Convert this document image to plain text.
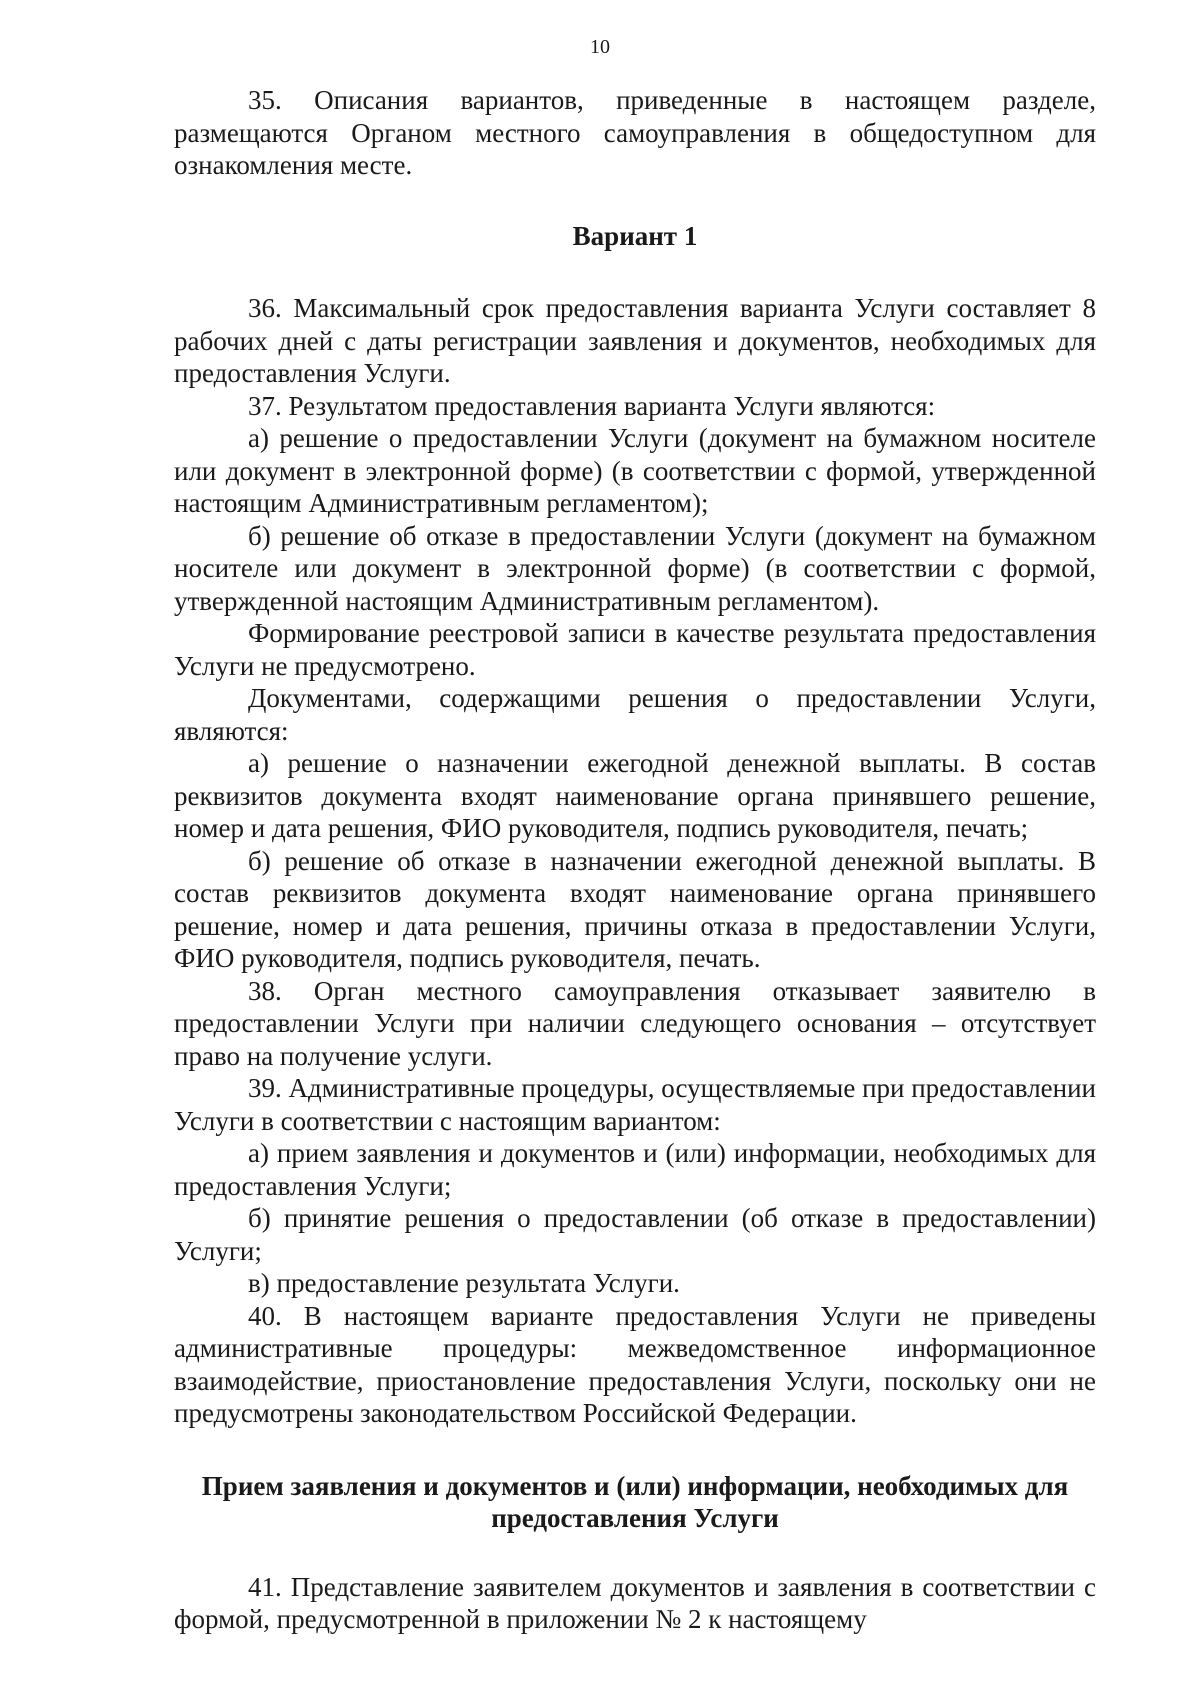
10

35. Описания вариантов, приведенные в настоящем разделе, размещаются Органом местного самоуправления в общедоступном для ознакомления месте.

Вариант 1

36. Максимальный срок предоставления варианта Услуги составляет 8 рабочих дней с даты регистрации заявления и документов, необходимых для предоставления Услуги.

37. Результатом предоставления варианта Услуги являются:

а) решение о предоставлении Услуги (документ на бумажном носителе или документ в электронной форме) (в соответствии с формой, утвержденной настоящим Административным регламентом);

б) решение об отказе в предоставлении Услуги (документ на бумажном носителе или документ в электронной форме) (в соответствии с формой, утвержденной настоящим Административным регламентом).

Формирование реестровой записи в качестве результата предоставления Услуги не предусмотрено.

Документами, содержащими решения о предоставлении Услуги, являются:

а) решение о назначении ежегодной денежной выплаты. В состав реквизитов документа входят наименование органа принявшего решение, номер и дата решения, ФИО руководителя, подпись руководителя, печать;

б) решение об отказе в назначении ежегодной денежной выплаты. В состав реквизитов документа входят наименование органа принявшего решение, номер и дата решения, причины отказа в предоставлении Услуги, ФИО руководителя, подпись руководителя, печать.

38. Орган местного самоуправления отказывает заявителю в предоставлении Услуги при наличии следующего основания – отсутствует право на получение услуги.

39. Административные процедуры, осуществляемые при предоставлении Услуги в соответствии с настоящим вариантом:

а) прием заявления и документов и (или) информации, необходимых для предоставления Услуги;

б) принятие решения о предоставлении (об отказе в предоставлении) Услуги;

в) предоставление результата Услуги.

40. В настоящем варианте предоставления Услуги не приведены административные процедуры: межведомственное информационное взаимодействие, приостановление предоставления Услуги, поскольку они не предусмотрены законодательством Российской Федерации.

Прием заявления и документов и (или) информации, необходимых для предоставления Услуги

41. Представление заявителем документов и заявления в соответствии с формой, предусмотренной в приложении № 2 к настоящему
